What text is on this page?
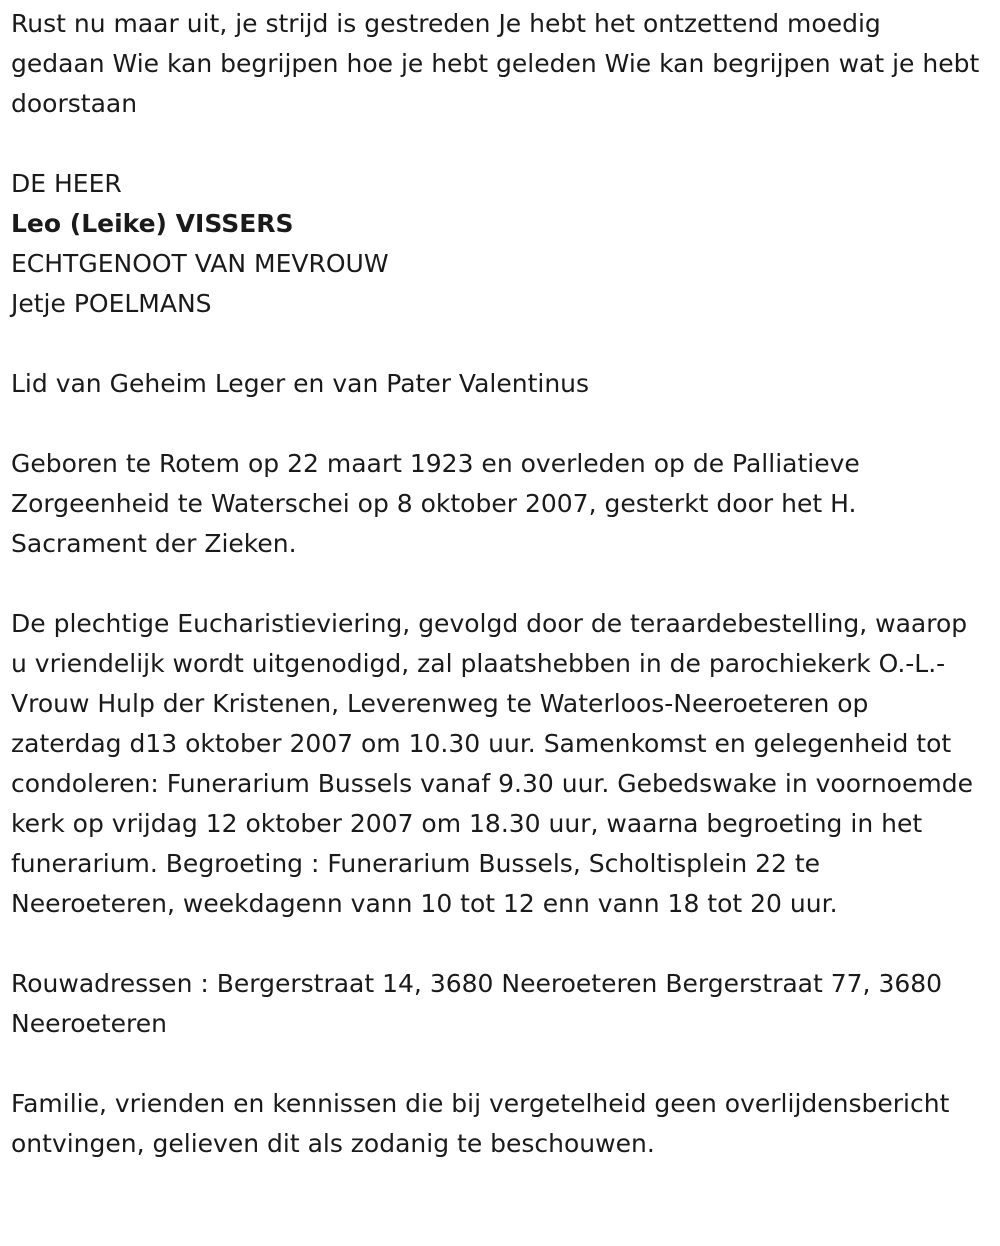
Rust nu maar uit, je strijd is gestreden Je hebt het ontzettend moedig gedaan Wie kan begrijpen hoe je hebt geleden Wie kan begrijpen wat je hebt doorstaan

DE HEER

Leo (Leike) VISSERS

ECHTGENOOT VAN MEVROUW

Jetje POELMANS

Lid van Geheim Leger en van Pater Valentinus

Geboren te Rotem op 22 maart 1923 en overleden op de Palliatieve Zorgeenheid te Waterschei op 8 oktober 2007, gesterkt door het H. Sacrament der Zieken.

De plechtige Eucharistieviering, gevolgd door de teraardebestelling, waarop u vriendelijk wordt uitgenodigd, zal plaatshebben in de parochiekerk O.-L.-Vrouw Hulp der Kristenen, Leverenweg te Waterloos-Neeroeteren op zaterdag d13 oktober 2007 om 10.30 uur. Samenkomst en gelegenheid tot condoleren: Funerarium Bussels vanaf 9.30 uur. Gebedswake in voornoemde kerk op vrijdag 12 oktober 2007 om 18.30 uur, waarna begroeting in het funerarium. Begroeting : Funerarium Bussels, Scholtisplein 22 te Neeroeteren, weekdagenn vann 10 tot 12 enn vann 18 tot 20 uur.

Rouwadressen : Bergerstraat 14, 3680 Neeroeteren Bergerstraat 77, 3680 Neeroeteren

Familie, vrienden en kennissen die bij vergetelheid geen overlijdensbericht ontvingen, gelieven dit als zodanig te beschouwen.
